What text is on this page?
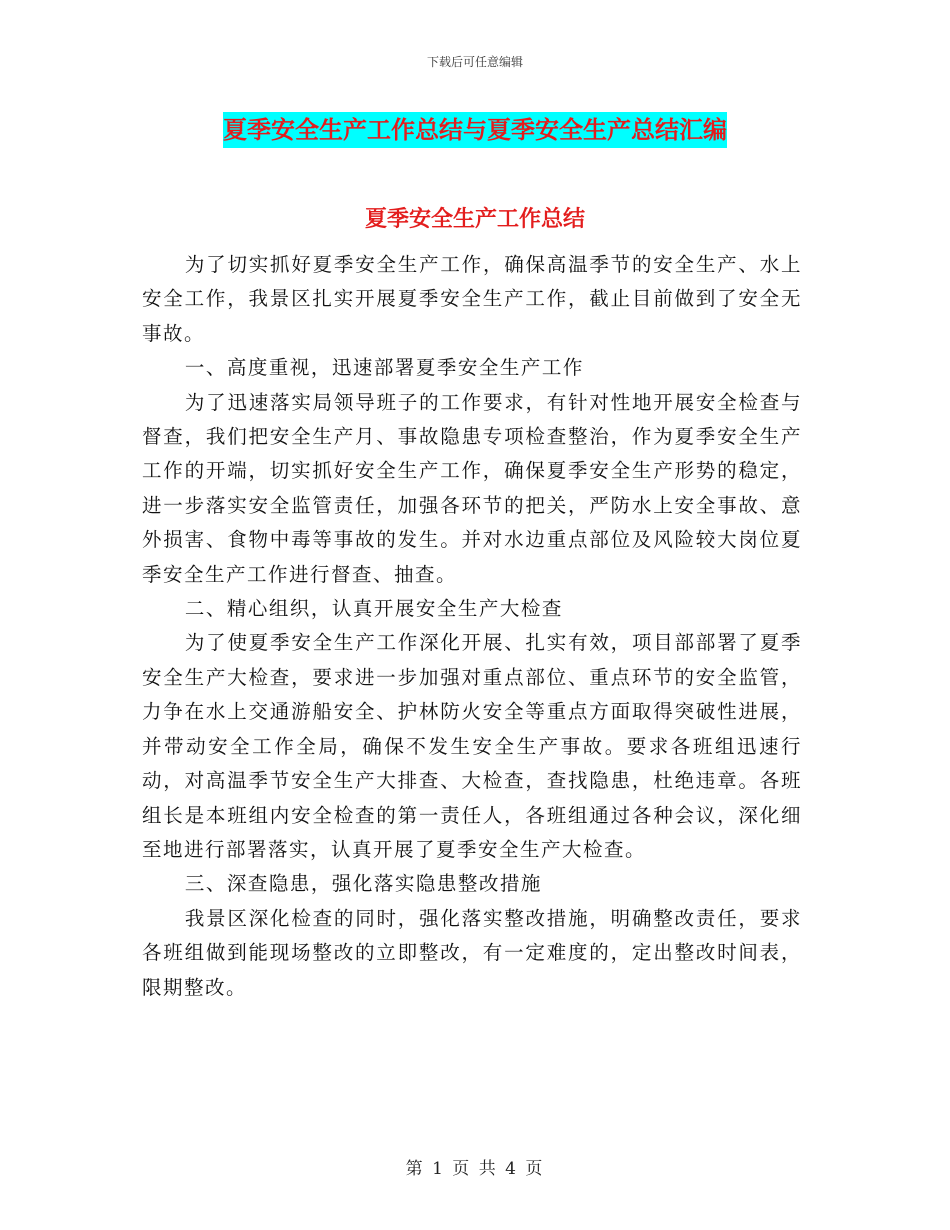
下载后可任意编辑
夏季安全生产工作总结与夏季安全生产总结汇编
夏季安全生产工作总结

为了切实抓好夏季安全生产工作，确保高温季节的安全生产、水上安全工作，我景区扎实开展夏季安全生产工作，截止目前做到了安全无事故。

一、高度重视，迅速部署夏季安全生产工作

为了迅速落实局领导班子的工作要求，有针对性地开展安全检查与督查，我们把安全生产月、事故隐患专项检查整治，作为夏季安全生产工作的开端，切实抓好安全生产工作，确保夏季安全生产形势的稳定，进一步落实安全监管责任，加强各环节的把关，严防水上安全事故、意外损害、食物中毒等事故的发生。并对水边重点部位及风险较大岗位夏季安全生产工作进行督查、抽查。

二、精心组织，认真开展安全生产大检查

为了使夏季安全生产工作深化开展、扎实有效，项目部部署了夏季安全生产大检查，要求进一步加强对重点部位、重点环节的安全监管，力争在水上交通游船安全、护林防火安全等重点方面取得突破性进展，并带动安全工作全局，确保不发生安全生产事故。要求各班组迅速行动，对高温季节安全生产大排查、大检查，查找隐患，杜绝违章。各班组长是本班组内安全检查的第一责任人，各班组通过各种会议，深化细至地进行部署落实，认真开展了夏季安全生产大检查。

三、深查隐患，强化落实隐患整改措施

我景区深化检查的同时，强化落实整改措施，明确整改责任，要求各班组做到能现场整改的立即整改，有一定难度的，定出整改时间表，限期整改。

第 1 页 共 4 页
